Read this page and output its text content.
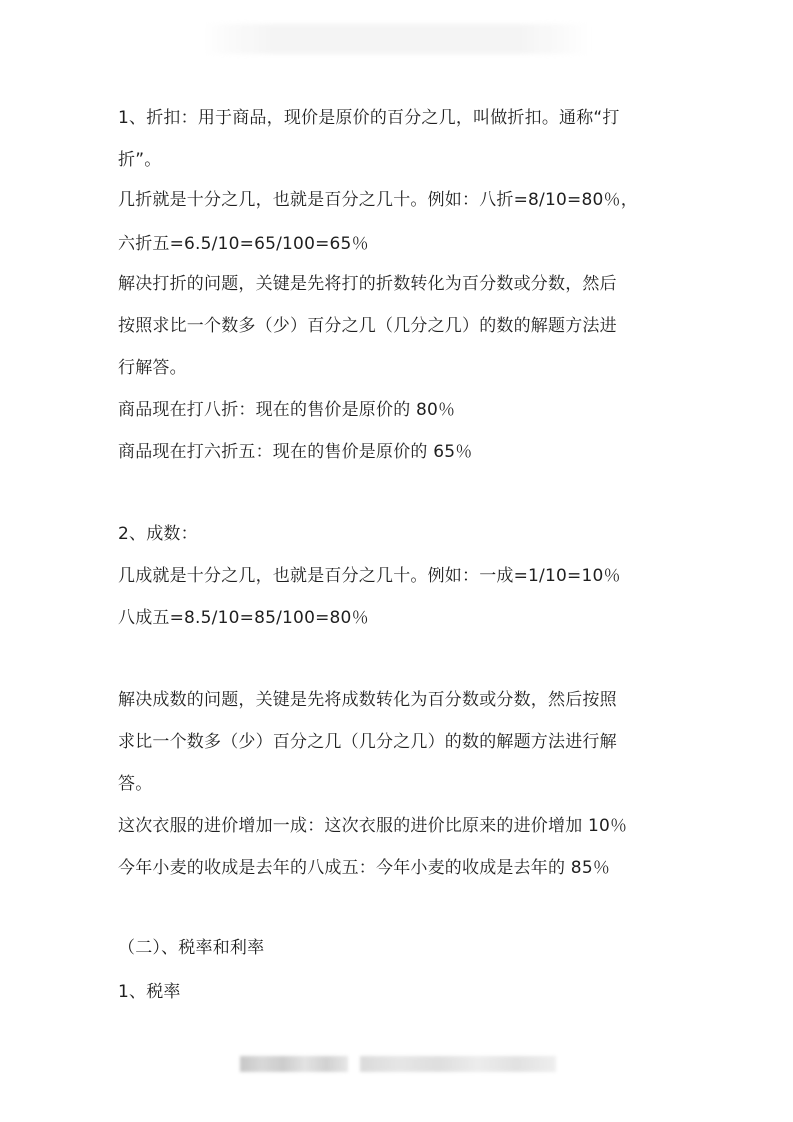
1、折扣：用于商品，现价是原价的百分之几，叫做折扣。通称“打
折”。
几折就是十分之几，也就是百分之几十。例如：八折=8/10=80％，
六折五=6.5/10=65/100=65％
解决打折的问题，关键是先将打的折数转化为百分数或分数，然后
按照求比一个数多（少）百分之几（几分之几）的数的解题方法进
行解答。
商品现在打八折：现在的售价是原价的 80％
商品现在打六折五：现在的售价是原价的 65％
2、成数：
几成就是十分之几，也就是百分之几十。例如：一成=1/10=10％
八成五=8.5/10=85/100=80％
解决成数的问题，关键是先将成数转化为百分数或分数，然后按照
求比一个数多（少）百分之几（几分之几）的数的解题方法进行解
答。
这次衣服的进价增加一成：这次衣服的进价比原来的进价增加 10％
今年小麦的收成是去年的八成五：今年小麦的收成是去年的 85％
（二）、税率和利率
1、税率
